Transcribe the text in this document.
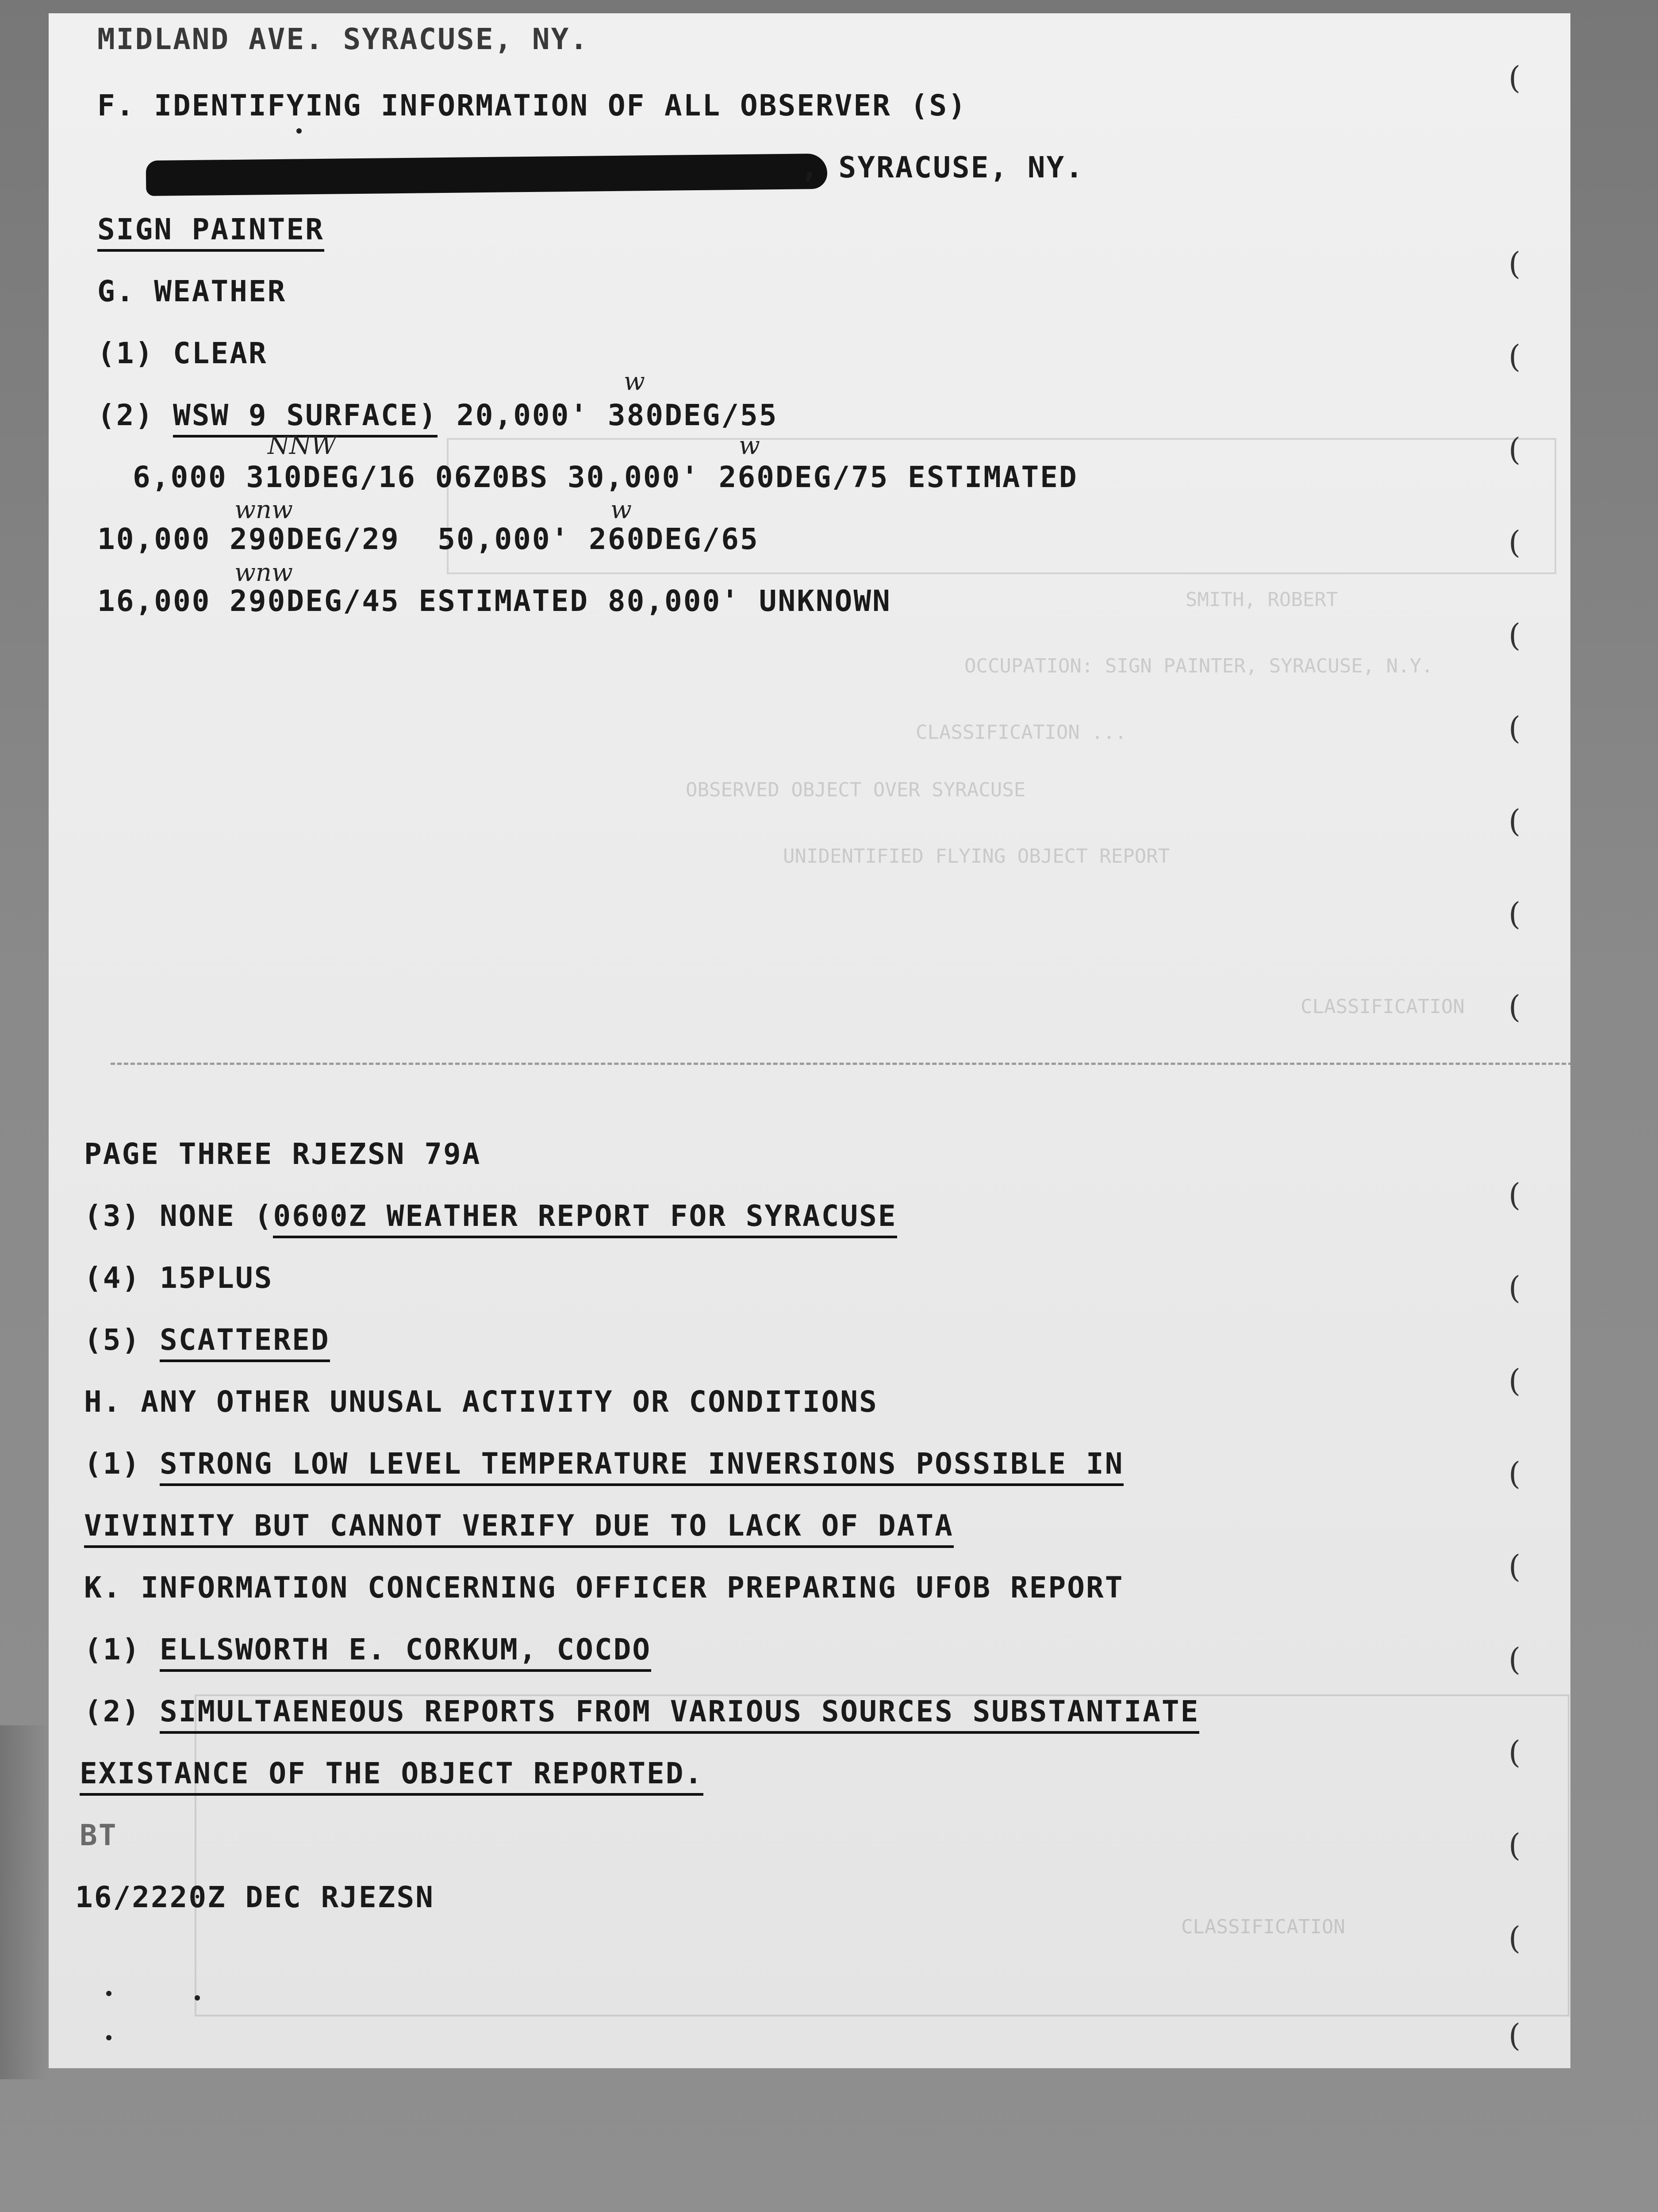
SMITH, ROBERT
OCCUPATION: SIGN PAINTER, SYRACUSE, N.Y.
CLASSIFICATION ...
OBSERVED OBJECT OVER SYRACUSE
UNIDENTIFIED FLYING OBJECT REPORT
CLASSIFICATION
CLASSIFICATION
MIDLAND AVE. SYRACUSE, NY.
F. IDENTIFYING INFORMATION OF ALL OBSERVER (S)
, SYRACUSE, NY.
SIGN PAINTER
G. WEATHER
(1) CLEAR
(2) WSW 9 SURFACE) 20,000' 380DEG/55
6,000 310DEG/16 06Z0BS 30,000' 260DEG/75 ESTIMATED
10,000 290DEG/29  50,000' 260DEG/65
16,000 290DEG/45 ESTIMATED 80,000' UNKNOWN
w
NNW	w
wnw	w
wnw
PAGE THREE RJEZSN 79A
(3) NONE (0600Z WEATHER REPORT FOR SYRACUSE
(4) 15PLUS
(5) SCATTERED
H. ANY OTHER UNUSAL ACTIVITY OR CONDITIONS
(1) STRONG LOW LEVEL TEMPERATURE INVERSIONS POSSIBLE IN
VIVINITY BUT CANNOT VERIFY DUE TO LACK OF DATA
K. INFORMATION CONCERNING OFFICER PREPARING UFOB REPORT
(1) ELLSWORTH E. CORKUM, COCDO
(2) SIMULTAENEOUS REPORTS FROM VARIOUS SOURCES SUBSTANTIATE
EXISTANCE OF THE OBJECT REPORTED.
BT
16/2220Z DEC RJEZSN
(
(
(
(
(
(
(
(
(
(
(
(
(
(
(
(
(
(
(
(
